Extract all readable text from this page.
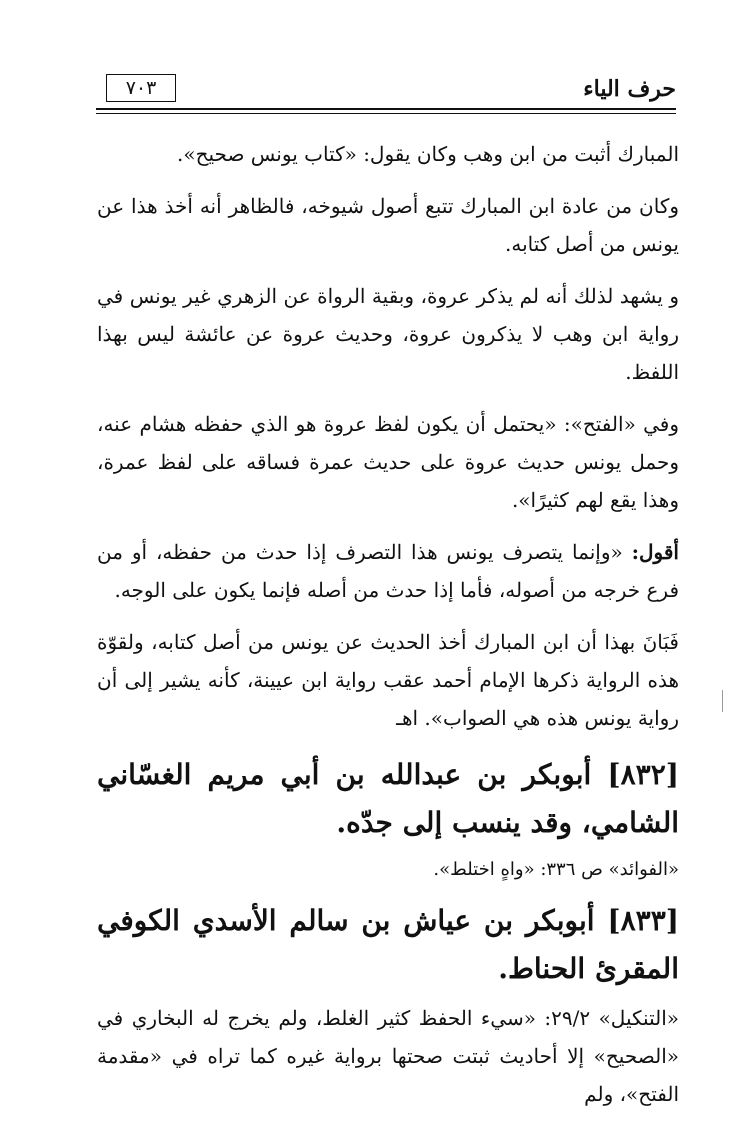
حرف الياء
٧٠٣

المبارك أثبت من ابن وهب وكان يقول: «كتاب يونس صحيح».

وكان من عادة ابن المبارك تتبع أصول شيوخه، فالظاهر أنه أخذ هذا عن يونس من أصل كتابه.

و يشهد لذلك أنه لم يذكر عروة، وبقية الرواة عن الزهري غير يونس في رواية ابن وهب لا يذكرون عروة، وحديث عروة عن عائشة ليس بهذا اللفظ.

وفي «الفتح»: «يحتمل أن يكون لفظ عروة هو الذي حفظه هشام عنه، وحمل يونس حديث عروة على حديث عمرة فساقه على لفظ عمرة، وهذا يقع لهم كثيرًا».

أقول: «وإنما يتصرف يونس هذا التصرف إذا حدث من حفظه، أو من فرع خرجه من أصوله، فأما إذا حدث من أصله فإنما يكون على الوجه.

فَبَانَ بهذا أن ابن المبارك أخذ الحديث عن يونس من أصل كتابه، ولقوّة هذه الرواية ذكرها الإمام أحمد عقب رواية ابن عيينة، كأنه يشير إلى أن رواية يونس هذه هي الصواب». اهـ

[٨٣٢] أبوبكر بن عبدالله بن أبي مريم الغسّاني الشامي، وقد ينسب إلى جدّه.
«الفوائد» ص ٣٣٦: «واهٍ اختلط».
[٨٣٣] أبوبكر بن عياش بن سالم الأسدي الكوفي المقرئ الحناط.
«التنكيل» ٢٩/٢: «سيء الحفظ كثير الغلط، ولم يخرج له البخاري في «الصحيح» إلا أحاديث ثبتت صحتها برواية غيره كما تراه في «مقدمة الفتح»، ولم
